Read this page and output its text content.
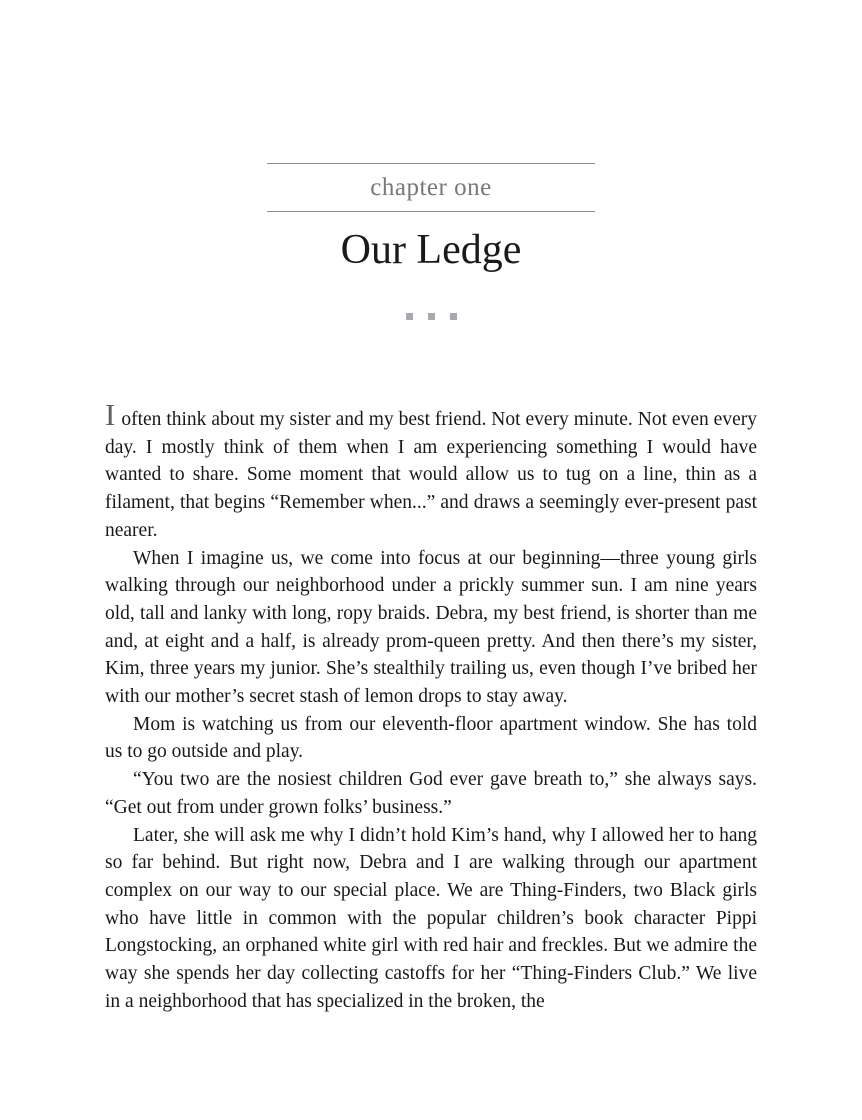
chapter one
Our Ledge

Ioften think about my sister and my best friend. Not every minute. Not even every day. I mostly think of them when I am experiencing something I would have wanted to share. Some moment that would allow us to tug on a line, thin as a filament, that begins “Remember when...” and draws a seemingly ever-present past nearer.

When I imagine us, we come into focus at our beginning—three young girls walking through our neighborhood under a prickly summer sun. I am nine years old, tall and lanky with long, ropy braids. Debra, my best friend, is shorter than me and, at eight and a half, is already prom-queen pretty. And then there’s my sister, Kim, three years my junior. She’s stealthily trailing us, even though I’ve bribed her with our mother’s secret stash of lemon drops to stay away.

Mom is watching us from our eleventh-floor apartment window. She has told us to go outside and play.

“You two are the nosiest children God ever gave breath to,” she always says. “Get out from under grown folks’ business.”

Later, she will ask me why I didn’t hold Kim’s hand, why I allowed her to hang so far behind. But right now, Debra and I are walking through our apartment complex on our way to our special place. We are Thing-Finders, two Black girls who have little in common with the popular children’s book character Pippi Longstocking, an orphaned white girl with red hair and freckles. But we admire the way she spends her day collecting castoffs for her “Thing-Finders Club.” We live in a neighborhood that has specialized in the broken, the
